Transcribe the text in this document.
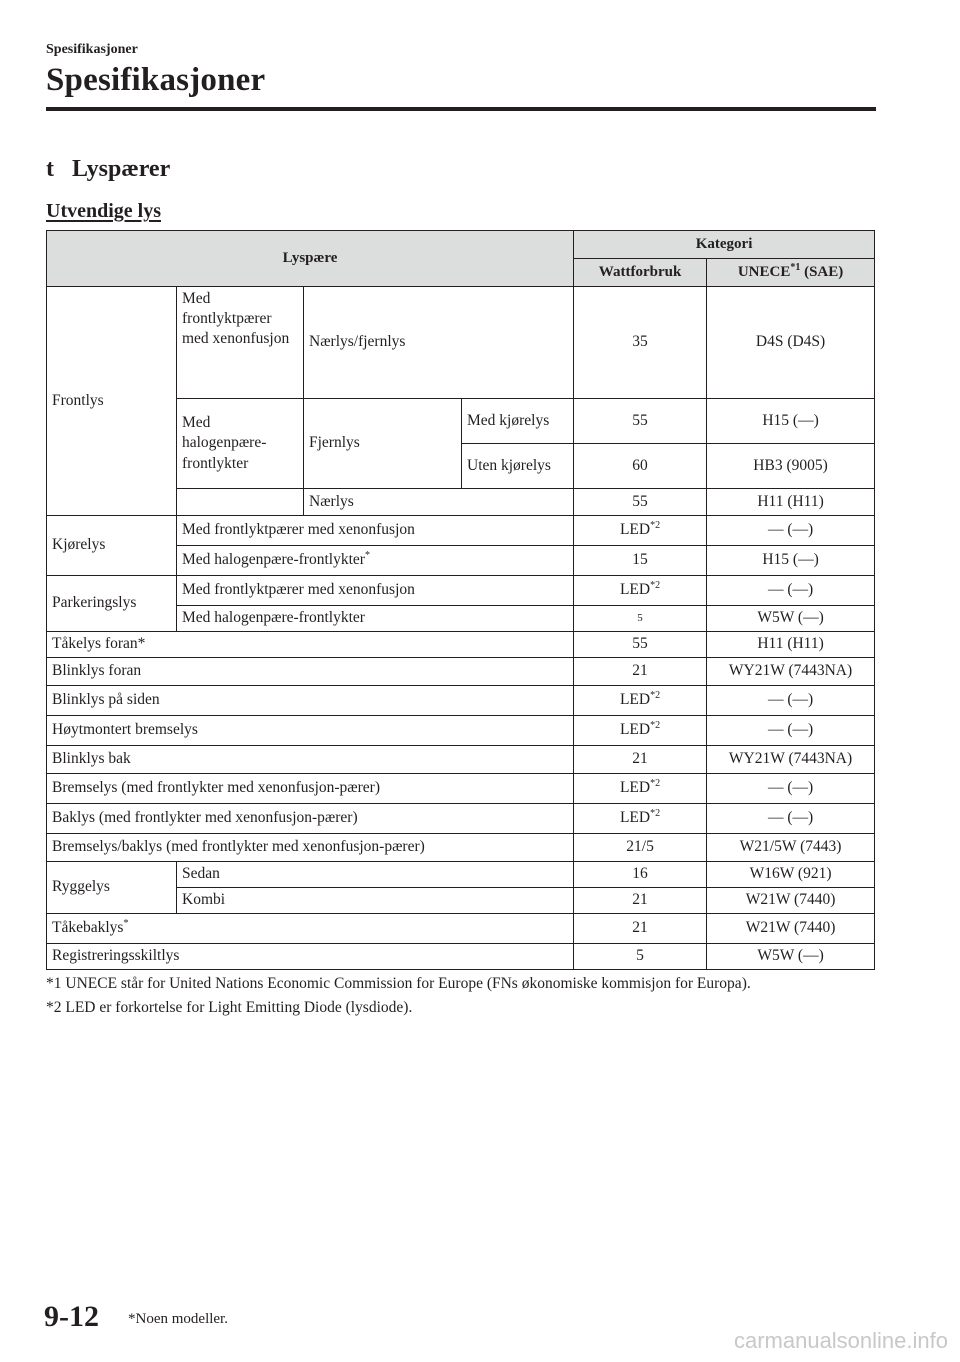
Spesifikasjoner
Spesifikasjoner
t Lyspærer
Utvendige lys
Lyspære				Kategori	
				Wattforbruk	UNECE$^{*1}$ (SAE)
Frontlys	Med frontlyktpærer med xenonfusjon	Nærlys/fjernlys		35	D4S (D4S)
	Med halogenpære-frontlykter	Fjernlys	Med kjørelys	55	H15 (—)
			Uten kjørelys	60	HB3 (9005)
		Nærlys		55	H11 (H11)
Kjørelys	Med frontlyktpærer med xenonfusjon			LED$^{*2}$	— (—)
	Med halogenpære-frontlykter*			15	H15 (—)
Parkeringslys	Med frontlyktpærer med xenonfusjon			LED$^{*2}$	— (—)
	Med halogenpære-frontlykter			5	W5W (—)
Tåkelys foran*				55	H11 (H11)
Blinklys foran				21	WY21W (7443NA)
Blinklys på siden				LED$^{*2}$	— (—)
Høytmontert bremselys				LED$^{*2}$	— (—)
Blinklys bak				21	WY21W (7443NA)
Bremselys (med frontlykter med xenonfusjon-pærer)				LED$^{*2}$	— (—)
Baklys (med frontlykter med xenonfusjon-pærer)				LED$^{*2}$	— (—)
Bremselys/baklys (med frontlykter med xenonfusjon-pærer)				21/5	W21/5W (7443)
Ryggelys	Sedan			16	W16W (921)
	Kombi			21	W21W (7440)
Tåkebaklys*				21	W21W (7440)
Registreringsskiltlys				5	W5W (—)
*1 UNECE står for United Nations Economic Commission for Europe (FNs økonomiske kommisjon for Europa).
*2 LED er forkortelse for Light Emitting Diode (lysdiode).
9-12 *Noen modeller.
carmanualsonline.info
